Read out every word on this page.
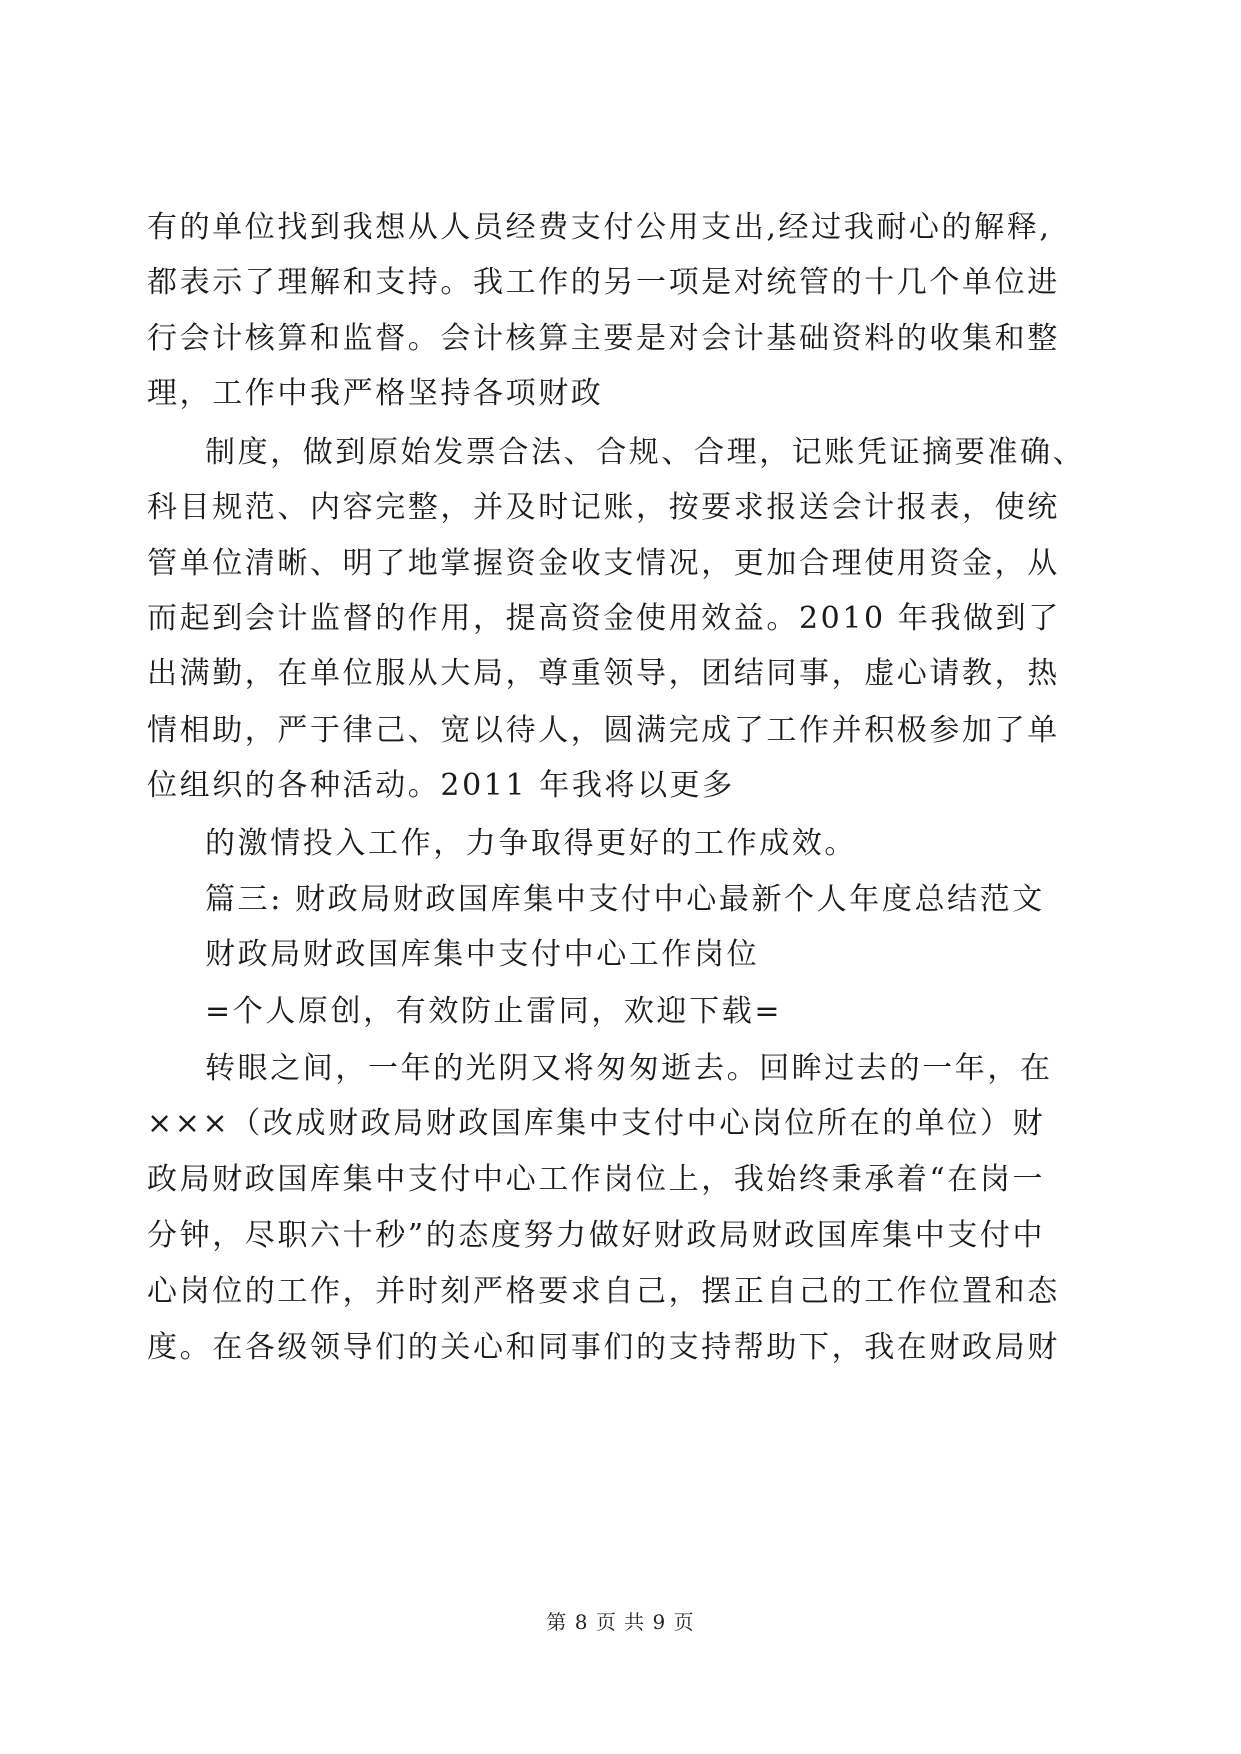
有的单位找到我想从人员经费支付公用支出,经过我耐心的解释,
都表示了理解和支持。我工作的另一项是对统管的十几个单位进
行会计核算和监督。会计核算主要是对会计基础资料的收集和整
理，工作中我严格坚持各项财政
制度，做到原始发票合法、合规、合理，记账凭证摘要准确、
科目规范、内容完整，并及时记账，按要求报送会计报表，使统
管单位清晰、明了地掌握资金收支情况，更加合理使用资金，从
而起到会计监督的作用，提高资金使用效益。2010 年我做到了
出满勤，在单位服从大局，尊重领导，团结同事，虚心请教，热
情相助，严于律己、宽以待人，圆满完成了工作并积极参加了单
位组织的各种活动。2011 年我将以更多
的激情投入工作，力争取得更好的工作成效。
篇三: 财政局财政国库集中支付中心最新个人年度总结范文
财政局财政国库集中支付中心工作岗位
=个人原创，有效防止雷同，欢迎下载=
转眼之间，一年的光阴又将匆匆逝去。回眸过去的一年，在
×××（改成财政局财政国库集中支付中心岗位所在的单位）财
政局财政国库集中支付中心工作岗位上，我始终秉承着“在岗一
分钟，尽职六十秒”的态度努力做好财政局财政国库集中支付中
心岗位的工作，并时刻严格要求自己，摆正自己的工作位置和态
度。在各级领导们的关心和同事们的支持帮助下，我在财政局财
第 8 页 共 9 页
